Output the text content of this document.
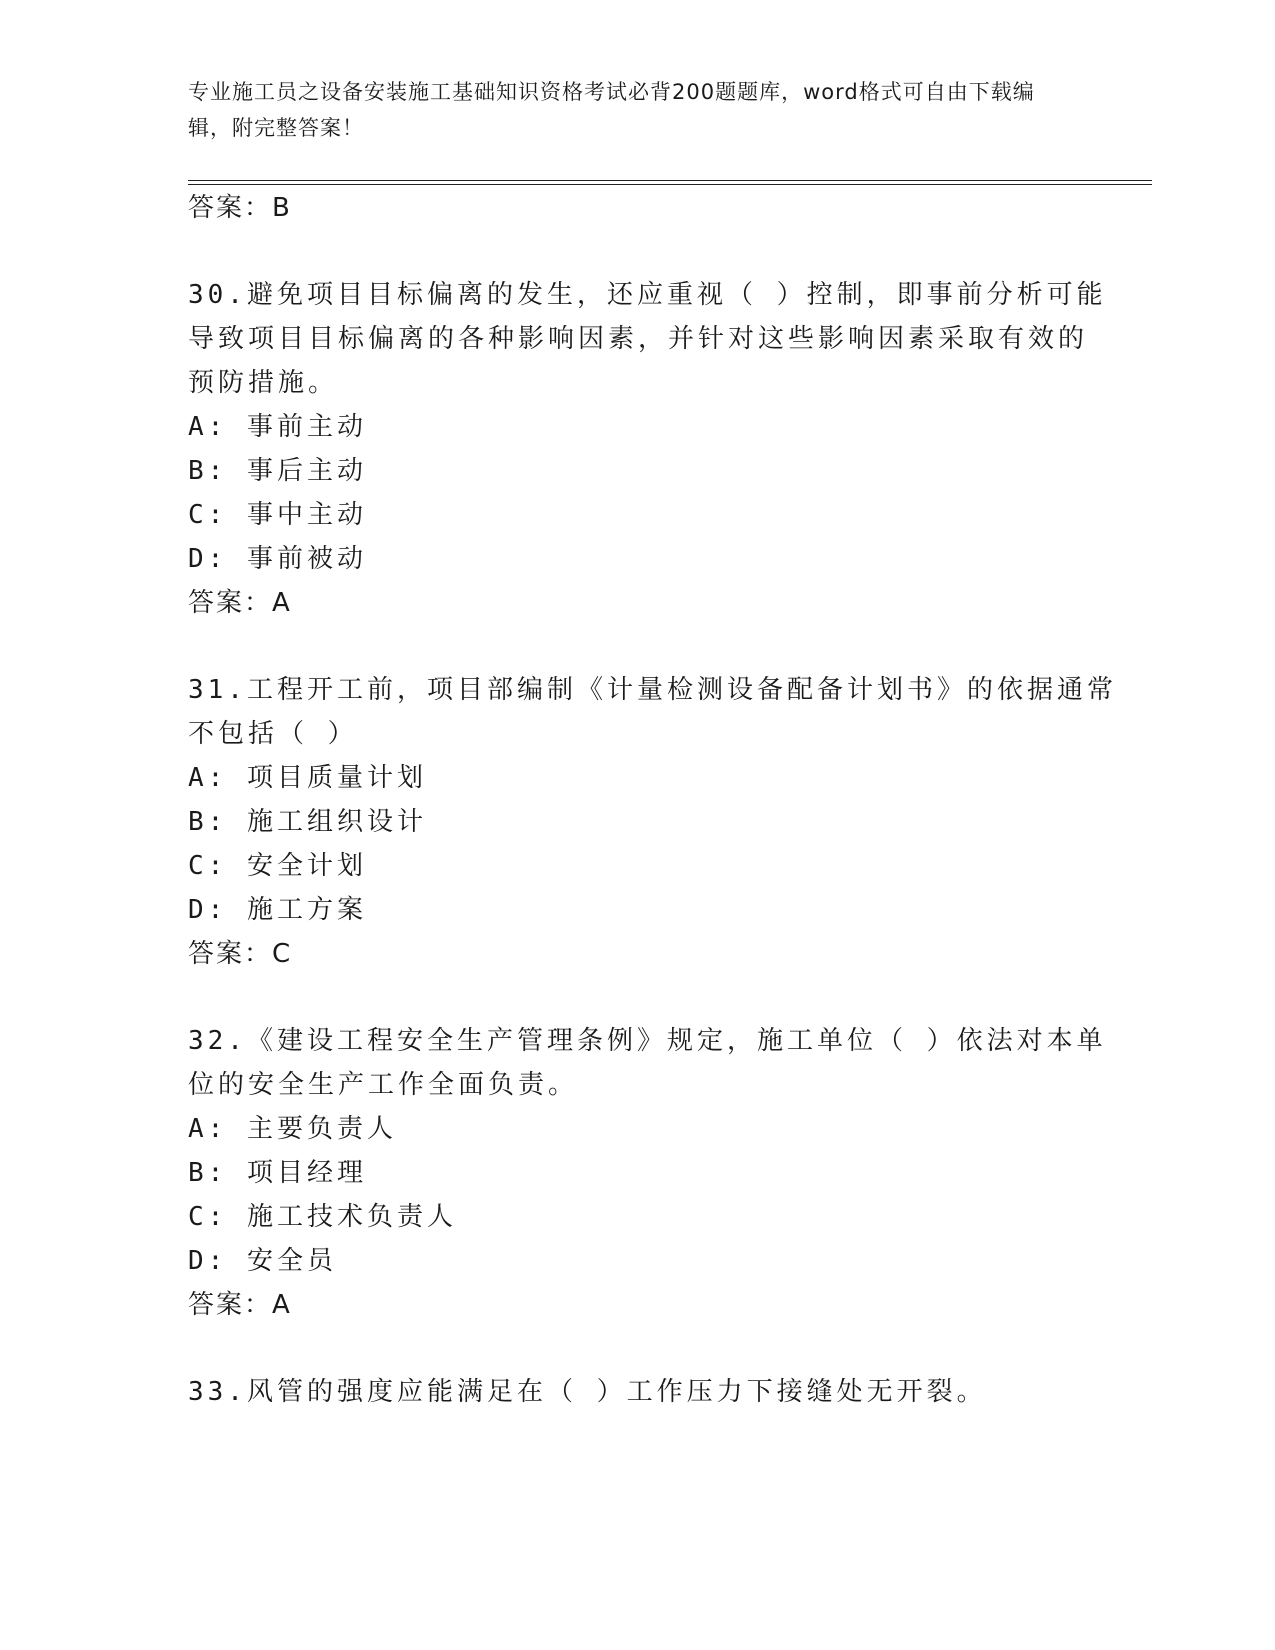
专业施工员之设备安装施工基础知识资格考试必背200题题库，word格式可自由下载编辑，附完整答案！
答案：B
30.避免项目目标偏离的发生，还应重视（ ）控制，即事前分析可能
导致项目目标偏离的各种影响因素，并针对这些影响因素采取有效的
预防措施。
A: 事前主动
B: 事后主动
C: 事中主动
D: 事前被动
答案：A
31.工程开工前，项目部编制《计量检测设备配备计划书》的依据通常
不包括（ ）
A: 项目质量计划
B: 施工组织设计
C: 安全计划
D: 施工方案
答案：C
32.《建设工程安全生产管理条例》规定，施工单位（ ）依法对本单
位的安全生产工作全面负责。
A: 主要负责人
B: 项目经理
C: 施工技术负责人
D: 安全员
答案：A
33.风管的强度应能满足在（ ）工作压力下接缝处无开裂。
